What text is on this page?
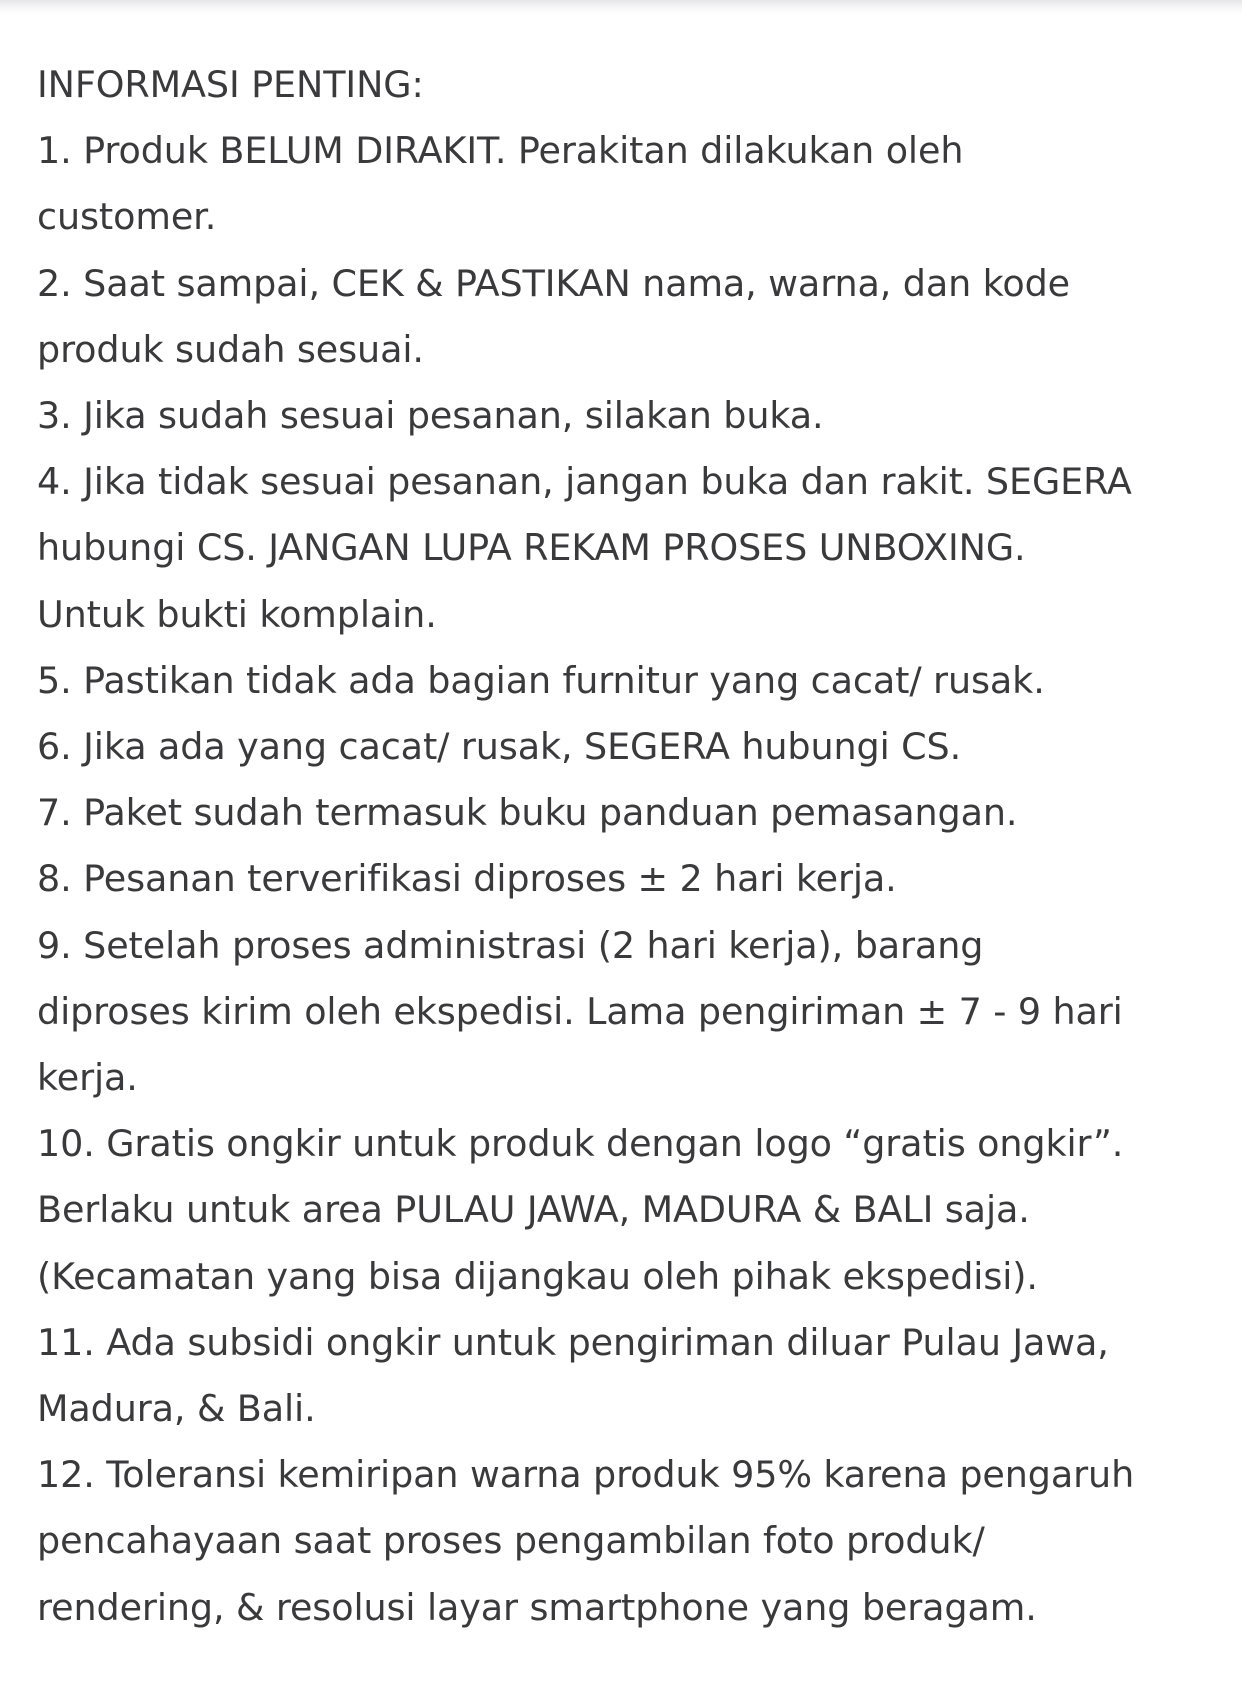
INFORMASI PENTING:

1. Produk BELUM DIRAKIT. Perakitan dilakukan oleh

customer.

2. Saat sampai, CEK & PASTIKAN nama, warna, dan kode

produk sudah sesuai.

3. Jika sudah sesuai pesanan, silakan buka.

4. Jika tidak sesuai pesanan, jangan buka dan rakit. SEGERA

hubungi CS. JANGAN LUPA REKAM PROSES UNBOXING.

Untuk bukti komplain.

5. Pastikan tidak ada bagian furnitur yang cacat/ rusak.

6. Jika ada yang cacat/ rusak, SEGERA hubungi CS.

7. Paket sudah termasuk buku panduan pemasangan.

8. Pesanan terverifikasi diproses ± 2 hari kerja.

9. Setelah proses administrasi (2 hari kerja), barang

diproses kirim oleh ekspedisi. Lama pengiriman ± 7 - 9 hari

kerja.

10. Gratis ongkir untuk produk dengan logo “gratis ongkir”.

Berlaku untuk area PULAU JAWA, MADURA & BALI saja.

(Kecamatan yang bisa dijangkau oleh pihak ekspedisi).

11. Ada subsidi ongkir untuk pengiriman diluar Pulau Jawa,

Madura, & Bali.

12. Toleransi kemiripan warna produk 95% karena pengaruh

pencahayaan saat proses pengambilan foto produk/

rendering, & resolusi layar smartphone yang beragam.
